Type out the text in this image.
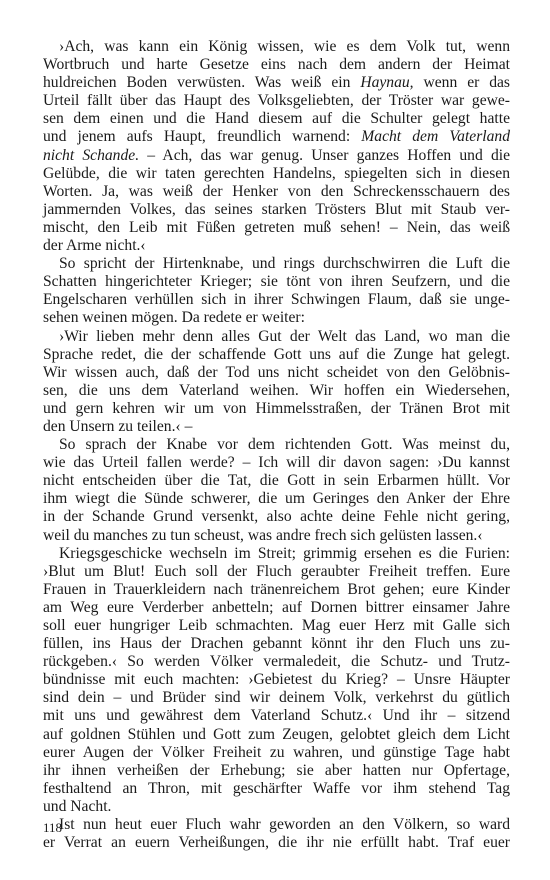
›Ach, was kann ein König wissen, wie es dem Volk tut, wenn
Wortbruch und harte Gesetze eins nach dem andern der Heimat
huldreichen Boden verwüsten. Was weiß ein Haynau, wenn er das
Urteil fällt über das Haupt des Volksgeliebten, der Tröster war gewe-
sen dem einen und die Hand diesem auf die Schulter gelegt hatte
und jenem aufs Haupt, freundlich warnend: Macht dem Vaterland
nicht Schande. – Ach, das war genug. Unser ganzes Hoffen und die
Gelübde, die wir taten gerechten Handelns, spiegelten sich in diesen
Worten. Ja, was weiß der Henker von den Schreckensschauern des
jammernden Volkes, das seines starken Trösters Blut mit Staub ver-
mischt, den Leib mit Füßen getreten muß sehen! – Nein, das weiß
der Arme nicht.‹
So spricht der Hirtenknabe, und rings durchschwirren die Luft die
Schatten hingerichteter Krieger; sie tönt von ihren Seufzern, und die
Engelscharen verhüllen sich in ihrer Schwingen Flaum, daß sie unge-
sehen weinen mögen. Da redete er weiter:
›Wir lieben mehr denn alles Gut der Welt das Land, wo man die
Sprache redet, die der schaffende Gott uns auf die Zunge hat gelegt.
Wir wissen auch, daß der Tod uns nicht scheidet von den Gelöbnis-
sen, die uns dem Vaterland weihen. Wir hoffen ein Wiedersehen,
und gern kehren wir um von Himmelsstraßen, der Tränen Brot mit
den Unsern zu teilen.‹ –
So sprach der Knabe vor dem richtenden Gott. Was meinst du,
wie das Urteil fallen werde? – Ich will dir davon sagen: ›Du kannst
nicht entscheiden über die Tat, die Gott in sein Erbarmen hüllt. Vor
ihm wiegt die Sünde schwerer, die um Geringes den Anker der Ehre
in der Schande Grund versenkt, also achte deine Fehle nicht gering,
weil du manches zu tun scheust, was andre frech sich gelüsten lassen.‹
Kriegsgeschicke wechseln im Streit; grimmig ersehen es die Furien:
›Blut um Blut! Euch soll der Fluch geraubter Freiheit treffen. Eure
Frauen in Trauerkleidern nach tränenreichem Brot gehen; eure Kinder
am Weg eure Verderber anbetteln; auf Dornen bittrer einsamer Jahre
soll euer hungriger Leib schmachten. Mag euer Herz mit Galle sich
füllen, ins Haus der Drachen gebannt könnt ihr den Fluch uns zu-
rückgeben.‹ So werden Völker vermaledeit, die Schutz- und Trutz-
bündnisse mit euch machten: ›Gebietest du Krieg? – Unsre Häupter
sind dein – und Brüder sind wir deinem Volk, verkehrst du gütlich
mit uns und gewährest dem Vaterland Schutz.‹ Und ihr – sitzend
auf goldnen Stühlen und Gott zum Zeugen, gelobtet gleich dem Licht
eurer Augen der Völker Freiheit zu wahren, und günstige Tage habt
ihr ihnen verheißen der Erhebung; sie aber hatten nur Opfertage,
festhaltend an Thron, mit geschärfter Waffe vor ihm stehend Tag
und Nacht.
Ist nun heut euer Fluch wahr geworden an den Völkern, so ward
er Verrat an euern Verheißungen, die ihr nie erfüllt habt. Traf euer
118
